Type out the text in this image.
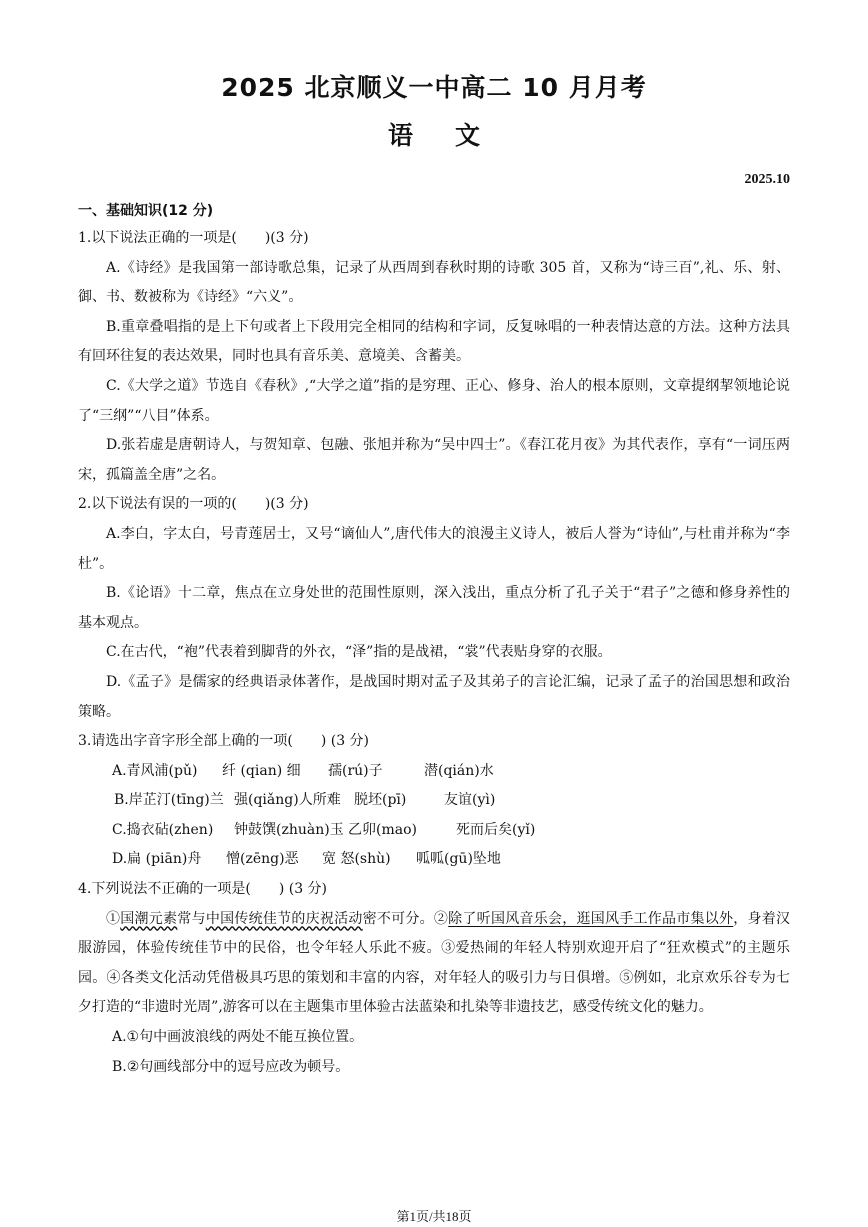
2025 北京顺义一中高二 10 月月考
语文
2025.10
一、基础知识(12 分)

1.以下说法正确的一项是(　　)(3 分)

A.《诗经》是我国第一部诗歌总集，记录了从西周到春秋时期的诗歌 305 首，又称为“诗三百”,礼、乐、射、御、书、数被称为《诗经》“六义”。

B.重章叠唱指的是上下句或者上下段用完全相同的结构和字词，反复咏唱的一种表情达意的方法。这种方法具有回环往复的表达效果，同时也具有音乐美、意境美、含蓄美。

C.《大学之道》节选自《春秋》,“大学之道”指的是穷理、正心、修身、治人的根本原则，文章提纲挈领地论说了“三纲”“八目”体系。

D.张若虚是唐朝诗人，与贺知章、包融、张旭并称为“吴中四士”。《春江花月夜》为其代表作，享有“一词压两宋，孤篇盖全唐”之名。

2.以下说法有误的一项的(　　)(3 分)

A.李白，字太白，号青莲居士，又号“谪仙人”,唐代伟大的浪漫主义诗人，被后人誉为“诗仙”,与杜甫并称为“李杜”。

B.《论语》十二章，焦点在立身处世的范围性原则，深入浅出，重点分析了孔子关于“君子”之德和修身养性的基本观点。

C.在古代，“袍”代表着到脚背的外衣，“泽”指的是战裙，“裳”代表贴身穿的衣服。

D.《孟子》是儒家的经典语录体著作，是战国时期对孟子及其弟子的言论汇编，记录了孟子的治国思想和政治策略。

3.请选出字音字形全部上确的一项(　　) (3 分)

A.青风浦(pǔ) 纤 (qian) 细 孺(rú)子	潜(qián)水
B.岸芷汀(tīng)兰 强(qiǎng)人所难 脱坯(pī)	友谊(yì)
C.捣衣砧(zhen) 钟鼓馔(zhuàn)玉 乙卯(mao)	死而后矣(yǐ)
D.扁 (piān)舟 憎(zēng)恶 宽 怒(shù) 呱呱(gū)坠地

4.下列说法不正确的一项是(　　) (3 分)

①国潮元素常与中国传统佳节的庆祝活动密不可分。②除了听国风音乐会，逛国风手工作品市集以外，身着汉服游园，体验传统佳节中的民俗，也令年轻人乐此不疲。③爱热闹的年轻人特别欢迎开启了“狂欢模式”的主题乐园。④各类文化活动凭借极具巧思的策划和丰富的内容，对年轻人的吸引力与日俱增。⑤例如，北京欢乐谷专为七夕打造的“非遗时光周”,游客可以在主题集市里体验古法蓝染和扎染等非遗技艺，感受传统文化的魅力。

A.①句中画波浪线的两处不能互换位置。

B.②句画线部分中的逗号应改为顿号。

第1页/共18页
